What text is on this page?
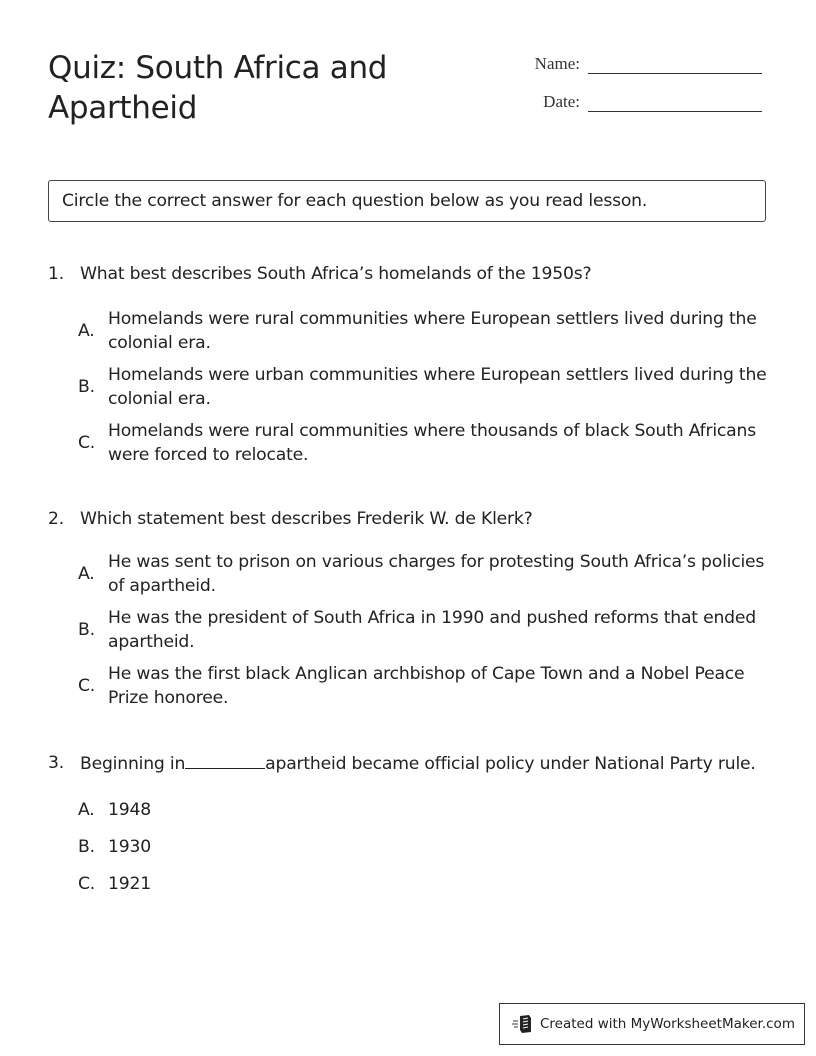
Quiz: South Africa and Apartheid
Name:
Date:
Circle the correct answer for each question below as you read lesson.
1. What best describes South Africa’s homelands of the 1950s?
A.
Homelands were rural communities where European settlers lived during the colonial era.
B.
Homelands were urban communities where European settlers lived during the colonial era.
C.
Homelands were rural communities where thousands of black South Africans were forced to relocate.
2. Which statement best describes Frederik W. de Klerk?
A.
He was sent to prison on various charges for protesting South Africa’s policies of apartheid.
B.
He was the president of South Africa in 1990 and pushed reforms that ended apartheid.
C.
He was the first black Anglican archbishop of Cape Town and a Nobel Peace Prize honoree.
3. Beginning in	apartheid became official policy under National Party rule.
A. 1948
B. 1930
C. 1921
Created with MyWorksheetMaker.com
